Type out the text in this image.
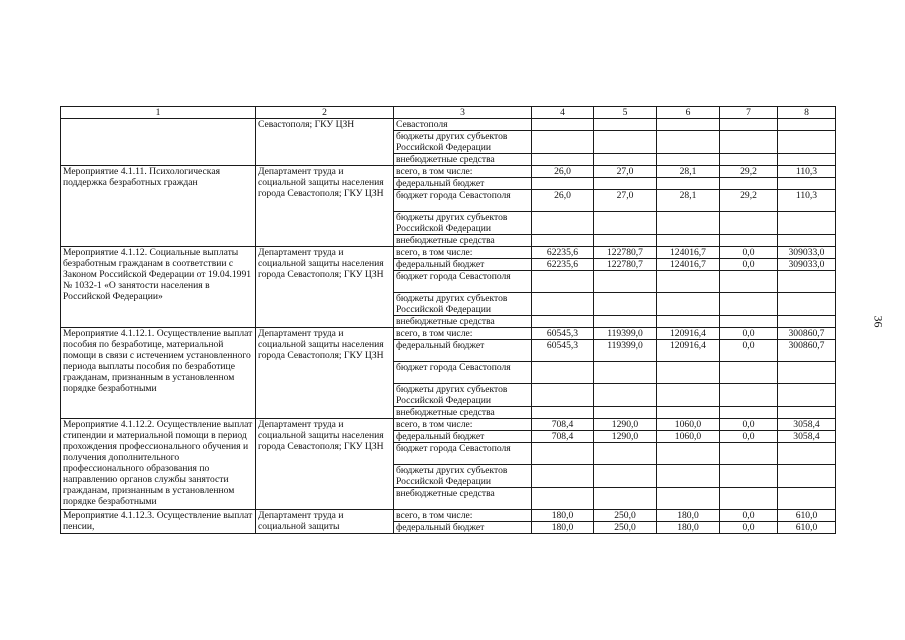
36
1	2	3	4	5	6	7	8
	Севастополя; ГКУ ЦЗН	Севастополя					
		бюджеты других субъектов Российской Федерации					
		внебюджетные средства					
Мероприятие 4.1.11. Психологическая поддержка безработных граждан	Департамент труда и социальной защиты населения города Севастополя; ГКУ ЦЗН	всего, в том числе:	26,0	27,0	28,1	29,2	110,3
		федеральный бюджет					
		бюджет города Севастополя	26,0	27,0	28,1	29,2	110,3
		бюджеты других субъектов Российской Федерации					
		внебюджетные средства					
Мероприятие 4.1.12. Социальные выплаты безработным гражданам в соответствии с Законом Российской Федерации от 19.04.1991 № 1032-1 «О занятости населения в Российской Федерации»	Департамент труда и социальной защиты населения города Севастополя; ГКУ ЦЗН	всего, в том числе:	62235,6	122780,7	124016,7	0,0	309033,0
		федеральный бюджет	62235,6	122780,7	124016,7	0,0	309033,0
		бюджет города Севастополя					
		бюджеты других субъектов Российской Федерации					
		внебюджетные средства					
Мероприятие 4.1.12.1. Осуществление выплат пособия по безработице, материальной помощи в связи с истечением установленного периода выплаты пособия по безработице гражданам, признанным в установленном порядке безработными	Департамент труда и социальной защиты населения города Севастополя; ГКУ ЦЗН	всего, в том числе:	60545,3	119399,0	120916,4	0,0	300860,7
		федеральный бюджет	60545,3	119399,0	120916,4	0,0	300860,7
		бюджет города Севастополя					
		бюджеты других субъектов Российской Федерации					
		внебюджетные средства					
Мероприятие 4.1.12.2. Осуществление выплат стипендии и материальной помощи в период прохождения профессионального обучения и получения дополнительного профессионального образования по направлению органов службы занятости гражданам, признанным в установленном порядке безработными	Департамент труда и социальной защиты населения города Севастополя; ГКУ ЦЗН	всего, в том числе:	708,4	1290,0	1060,0	0,0	3058,4
		федеральный бюджет	708,4	1290,0	1060,0	0,0	3058,4
		бюджет города Севастополя					
		бюджеты других субъектов Российской Федерации					
		внебюджетные средства					
Мероприятие 4.1.12.3. Осуществление выплат пенсии,	Департамент труда и социальной защиты	всего, в том числе:	180,0	250,0	180,0	0,0	610,0
		федеральный бюджет	180,0	250,0	180,0	0,0	610,0
